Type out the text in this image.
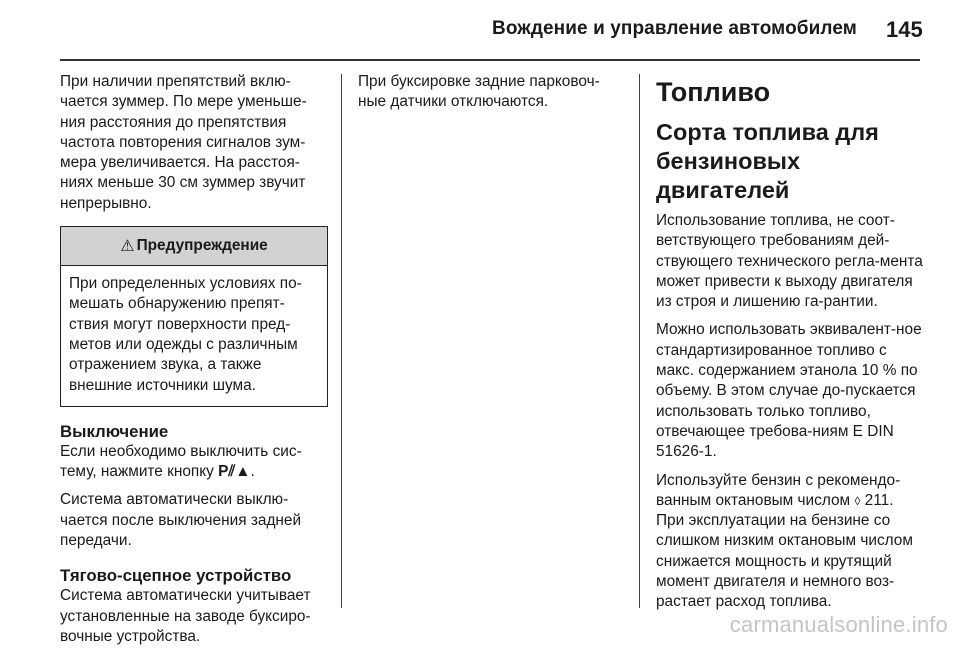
Вождение и управление автомобилем 145

При наличии препятствий вклю-чается зуммер. По мере уменьше-ния расстояния до препятствия частота повторения сигналов зум-мера увеличивается. На расстоя-ниях меньше 30 см зуммер звучит непрерывно.

⚠ Предупреждение

При определенных условиях по-мешать обнаружению препят-ствия могут поверхности пред-метов или одежды с различным отражением звука, а также внешние источники шума.

Выключение

Если необходимо выключить сис-тему, нажмите кнопку P⫽▲.

Система автоматически выклю-чается после выключения задней передачи.

Тягово-сцепное устройство

Система автоматически учитывает установленные на заводе буксиро-вочные устройства.

При буксировке задние парковоч-ные датчики отключаются.	Топливо
Сорта топлива для бензиновых двигателей

Использование топлива, не соот-ветствующего требованиям дей-ствующего технического регла-мента может привести к выходу двигателя из строя и лишению га-рантии.

Можно использовать эквивалент-ное стандартизированное топливо с макс. содержанием этанола 10 % по объему. В этом случае до-пускается использовать только топливо, отвечающее требова-ниям E DIN 51626-1.

Используйте бензин с рекомендо-ванным октановым числом ◊ 211. При эксплуатации на бензине со слишком низким октановым числом снижается мощность и крутящий момент двигателя и немного воз-растает расход топлива.

carmanualsonline.info
